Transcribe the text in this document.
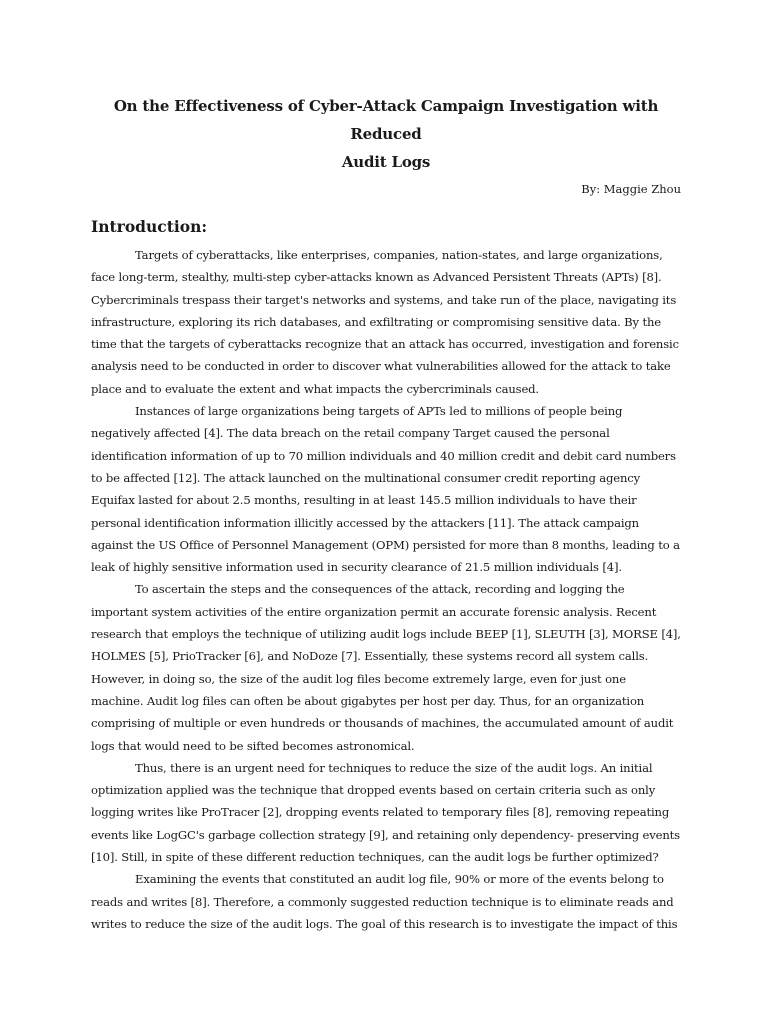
On the Effectiveness of Cyber-Attack Campaign Investigation with Reduced
Audit Logs
By: Maggie Zhou
Introduction:

Targets of cyberattacks, like enterprises, companies, nation-states, and large organizations, face long-term, stealthy, multi-step cyber-attacks known as Advanced Persistent Threats (APTs) [8]. Cybercriminals trespass their target's networks and systems, and take run of the place, navigating its infrastructure, exploring its rich databases, and exfiltrating or compromising sensitive data. By the time that the targets of cyberattacks recognize that an attack has occurred, investigation and forensic analysis need to be conducted in order to discover what vulnerabilities allowed for the attack to take place and to evaluate the extent and what impacts the cybercriminals caused.

Instances of large organizations being targets of APTs led to millions of people being negatively affected [4]. The data breach on the retail company Target caused the personal identification information of up to 70 million individuals and 40 million credit and debit card numbers to be affected [12]. The attack launched on the multinational consumer credit reporting agency Equifax lasted for about 2.5 months, resulting in at least 145.5 million individuals to have their personal identification information illicitly accessed by the attackers [11]. The attack campaign against the US Office of Personnel Management (OPM) persisted for more than 8 months, leading to a leak of highly sensitive information used in security clearance of 21.5 million individuals [4].

To ascertain the steps and the consequences of the attack, recording and logging the important system activities of the entire organization permit an accurate forensic analysis. Recent research that employs the technique of utilizing audit logs include BEEP [1], SLEUTH [3], MORSE [4], HOLMES [5], PrioTracker [6], and NoDoze [7]. Essentially, these systems record all system calls. However, in doing so, the size of the audit log files become extremely large, even for just one machine. Audit log files can often be about gigabytes per host per day. Thus, for an organization comprising of multiple or even hundreds or thousands of machines, the accumulated amount of audit logs that would need to be sifted becomes astronomical.

Thus, there is an urgent need for techniques to reduce the size of the audit logs. An initial optimization applied was the technique that dropped events based on certain criteria such as only logging writes like ProTracer [2], dropping events related to temporary files [8], removing repeating events like LogGC's garbage collection strategy [9], and retaining only dependency- preserving events [10]. Still, in spite of these different reduction techniques, can the audit logs be further optimized?

Examining the events that constituted an audit log file, 90% or more of the events belong to reads and writes [8]. Therefore, a commonly suggested reduction technique is to eliminate reads and writes to reduce the size of the audit logs. The goal of this research is to investigate the impact of this
